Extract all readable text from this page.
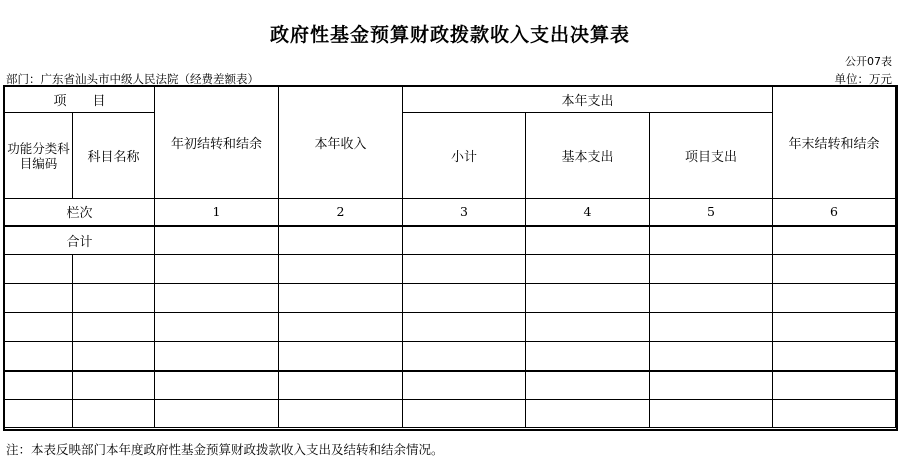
政府性基金预算财政拨款收入支出决算表
公开07表
部门：广东省汕头市中级人民法院（经费差额表）	单位：万元
项　　目		年初结转和结余	本年收入	本年支出			年末结转和结余
功能分类科目编码	科目名称			小计	基本支出	项目支出	
栏次		1	2	3	4	5	6
合计							

注：本表反映部门本年度政府性基金预算财政拨款收入支出及结转和结余情况。
